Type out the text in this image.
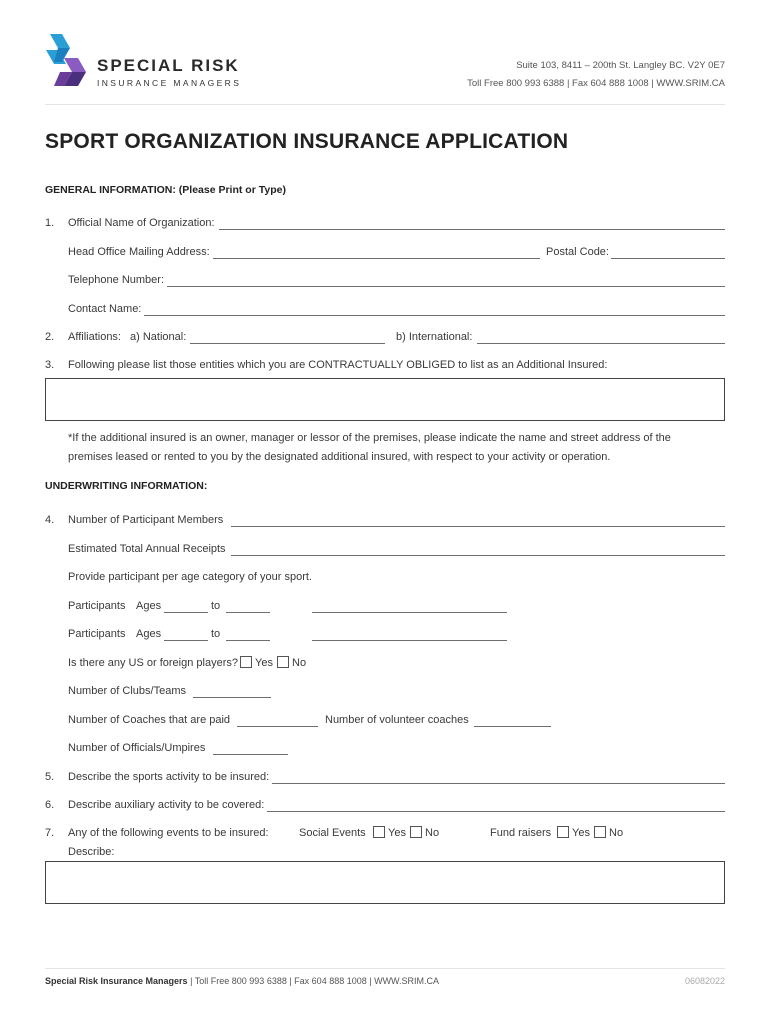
SPECIAL RISK
INSURANCE MANAGERS
Suite 103, 8411 – 200th St. Langley BC. V2Y 0E7
Toll Free 800 993 6388 | Fax 604 888 1008 | WWW.SRIM.CA
SPORT ORGANIZATION INSURANCE APPLICATION
GENERAL INFORMATION: (Please Print or Type)
1. Official Name of Organization:
Head Office Mailing Address:	Postal Code:
Telephone Number:
Contact Name:
2. Affiliations: a) National:	b) International:
3. Following please list those entities which you are CONTRACTUALLY OBLIGED to list as an Additional Insured:
*If the additional insured is an owner, manager or lessor of the premises, please indicate the name and street address of the
premises leased or rented to you by the designated additional insured, with respect to your activity or operation.
UNDERWRITING INFORMATION:
4. Number of Participant Members
Estimated Total Annual Receipts
Provide participant per age category of your sport.
Participants Ages	to
Participants Ages	to
Is there any US or foreign players? Yes No
Number of Clubs/Teams
Number of Coaches that are paid	Number of volunteer coaches
Number of Officials/Umpires
5. Describe the sports activity to be insured:
6. Describe auxiliary activity to be covered:
7. Any of the following events to be insured:	Social Events Yes No	Fund raisers Yes No
Describe:
Special Risk Insurance Managers | Toll Free 800 993 6388 | Fax 604 888 1008 | WWW.SRIM.CA	06082022
